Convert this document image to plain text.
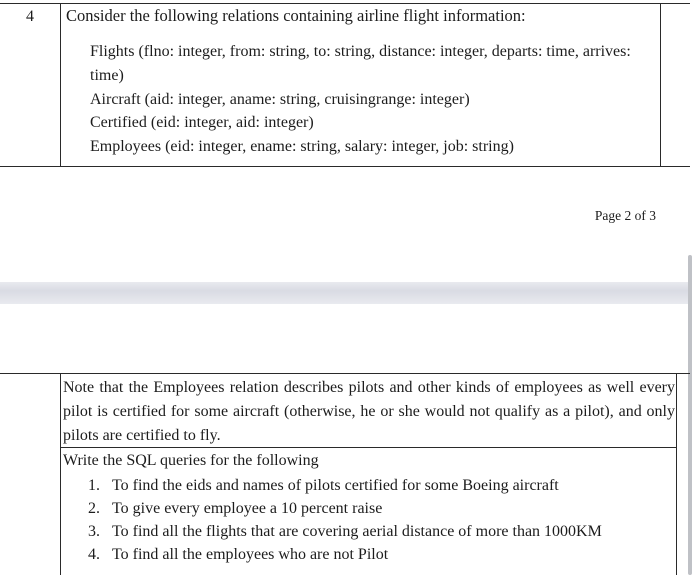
4	Consider the following relations containing airline flight information:
Flights (flno: integer, from: string, to: string, distance: integer, departs: time, arrives: time)
Aircraft (aid: integer, aname: string, cruisingrange: integer)
Certified (eid: integer, aid: integer)
Employees (eid: integer, ename: string, salary: integer, job: string)
Page 2 of 3
Note that the Employees relation describes pilots and other kinds of employees as well every pilot is certified for some aircraft (otherwise, he or she would not qualify as a pilot), and only pilots are certified to fly.
Write the SQL queries for the following
1. To find the eids and names of pilots certified for some Boeing aircraft
2. To give every employee a 10 percent raise
3. To find all the flights that are covering aerial distance of more than 1000KM
4. To find all the employees who are not Pilot
